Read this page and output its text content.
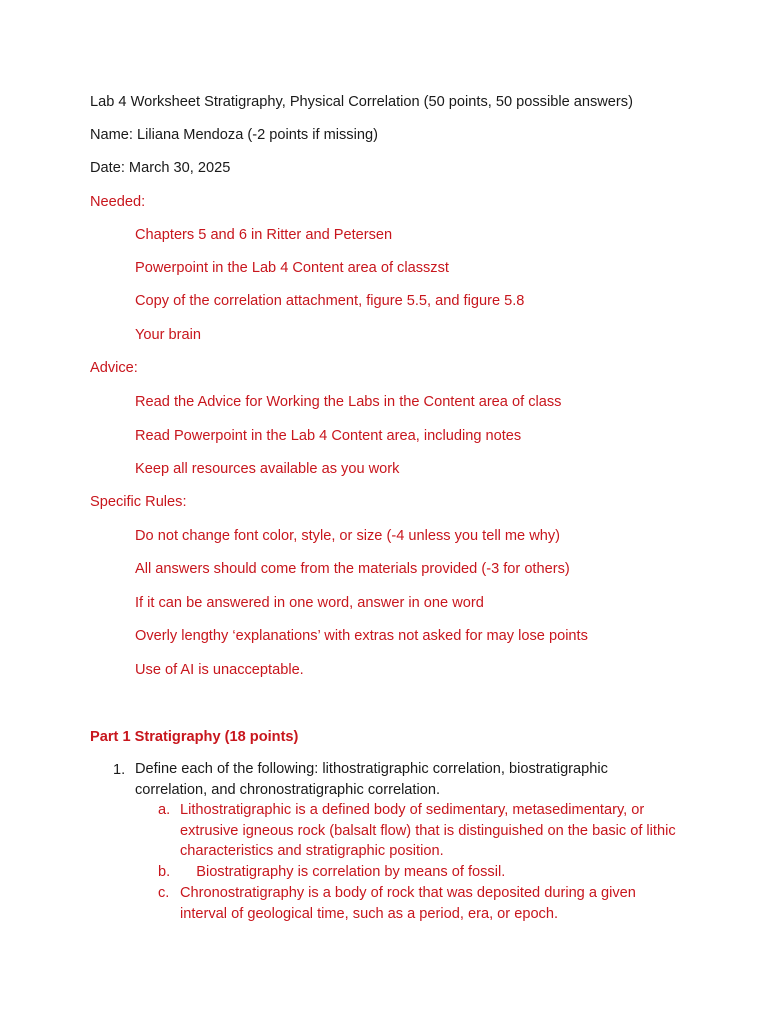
Lab 4 Worksheet Stratigraphy, Physical Correlation (50 points, 50 possible answers)
Name: Liliana Mendoza (-2 points if missing)
Date: March 30, 2025
Needed:
Chapters 5 and 6 in Ritter and Petersen
Powerpoint in the Lab 4 Content area of classzst
Copy of the correlation attachment, figure 5.5, and figure 5.8
Your brain
Advice:
Read the Advice for Working the Labs in the Content area of class
Read Powerpoint in the Lab 4 Content area, including notes
Keep all resources available as you work
Specific Rules:
Do not change font color, style, or size (-4 unless you tell me why)
All answers should come from the materials provided (-3 for others)
If it can be answered in one word, answer in one word
Overly lengthy ‘explanations’ with extras not asked for may lose points
Use of AI is unacceptable.
Part 1 Stratigraphy (18 points)
1. Define each of the following: lithostratigraphic correlation, biostratigraphic correlation, and chronostratigraphic correlation.
a. Lithostratigraphic is a defined body of sedimentary, metasedimentary, or extrusive igneous rock (balsalt flow) that is distinguished on the basic of lithic characteristics and stratigraphic position.
b. Biostratigraphy is correlation by means of fossil.
c. Chronostratigraphy is a body of rock that was deposited during a given interval of geological time, such as a period, era, or epoch.
